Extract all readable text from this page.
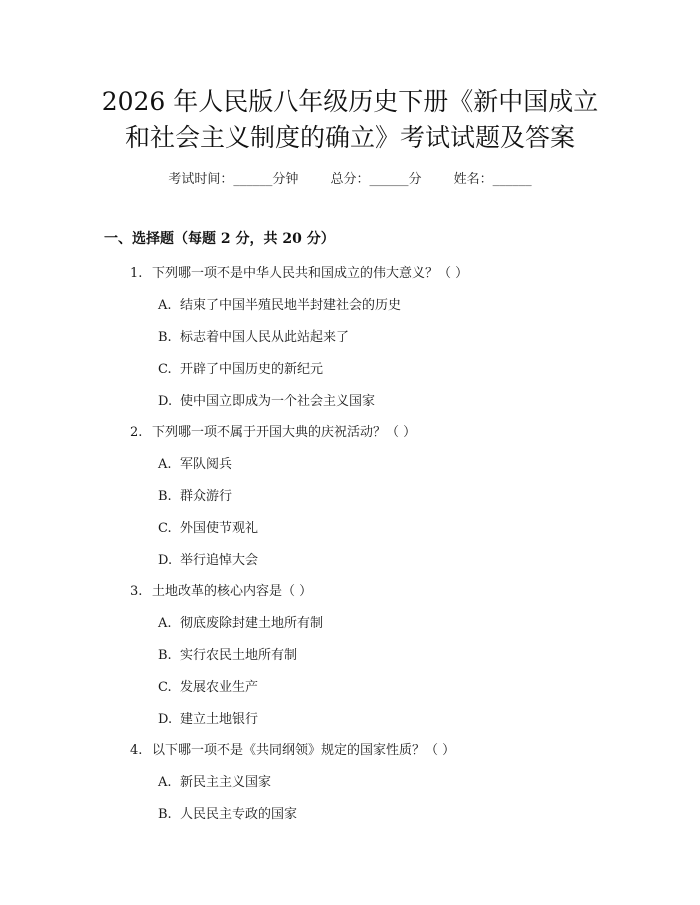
2026 年人民版八年级历史下册《新中国成立
和社会主义制度的确立》考试试题及答案
考试时间：______分钟 总分：______分 姓名：______
一、选择题（每题 2 分，共 20 分）
1. 下列哪一项不是中华人民共和国成立的伟大意义？（ ）
A. 结束了中国半殖民地半封建社会的历史
B. 标志着中国人民从此站起来了
C. 开辟了中国历史的新纪元
D. 使中国立即成为一个社会主义国家
2. 下列哪一项不属于开国大典的庆祝活动？（ ）
A. 军队阅兵
B. 群众游行
C. 外国使节观礼
D. 举行追悼大会
3. 土地改革的核心内容是（ ）
A. 彻底废除封建土地所有制
B. 实行农民土地所有制
C. 发展农业生产
D. 建立土地银行
4. 以下哪一项不是《共同纲领》规定的国家性质？（ ）
A. 新民主主义国家
B. 人民民主专政的国家
